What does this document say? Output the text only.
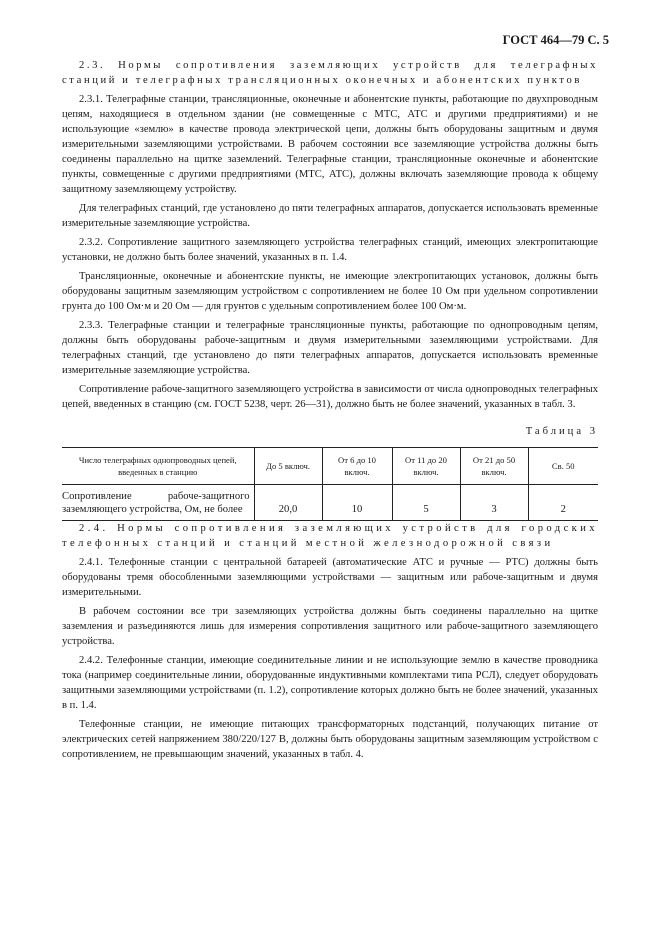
ГОСТ 464—79 С. 5

2.3. Нормы сопротивления заземляющих устройств для телеграфных станций и телеграфных трансляционных оконечных и абонентских пунктов

2.3.1. Телеграфные станции, трансляционные, оконечные и абонентские пункты, работающие по двухпроводным цепям, находящиеся в отдельном здании (не совмещенные с МТС, АТС и другими предприятиями) и не использующие «землю» в качестве провода электрической цепи, должны быть оборудованы защитным и двумя измерительными заземляющими устройствами. В рабочем состоянии все заземляющие устройства должны быть соединены параллельно на щитке заземлений. Телеграфные станции, трансляционные оконечные и абонентские пункты, совмещенные с другими предприятиями (МТС, АТС), должны включать заземляющие провода к общему защитному заземляющему устройству.

Для телеграфных станций, где установлено до пяти телеграфных аппаратов, допускается использовать временные измерительные заземляющие устройства.

2.3.2. Сопротивление защитного заземляющего устройства телеграфных станций, имеющих электропитающие установки, не должно быть более значений, указанных в п. 1.4.

Трансляционные, оконечные и абонентские пункты, не имеющие электропитающих установок, должны быть оборудованы защитным заземляющим устройством с сопротивлением не более 10 Ом при удельном сопротивлении грунта до 100 Ом·м и 20 Ом — для грунтов с удельным сопротивлением более 100 Ом·м.

2.3.3. Телеграфные станции и телеграфные трансляционные пункты, работающие по однопроводным цепям, должны быть оборудованы рабоче-защитным и двумя измерительными заземляющими устройствами. Для телеграфных станций, где установлено до пяти телеграфных аппаратов, допускается использовать временные измерительные заземляющие устройства.

Сопротивление рабоче-защитного заземляющего устройства в зависимости от числа однопроводных телеграфных цепей, введенных в станцию (см. ГОСТ 5238, черт. 26—31), должно быть не более значений, указанных в табл. 3.

Таблица 3
Число телеграфных однопроводных цепей, введенных в станцию	До 5 включ.	От 6 до 10 включ.	От 11 до 20 включ.	От 21 до 50 включ.	Св. 50
Сопротивление рабоче-защитного заземляющего устройства, Ом, не более	20,0	10	5	3	2

2.4. Нормы сопротивления заземляющих устройств для городских телефонных станций и станций местной железнодорожной связи

2.4.1. Телефонные станции с центральной батареей (автоматические АТС и ручные — РТС) должны быть оборудованы тремя обособленными заземляющими устройствами — защитным или рабоче-защитным и двумя измерительными.

В рабочем состоянии все три заземляющих устройства должны быть соединены параллельно на щитке заземления и разъединяются лишь для измерения сопротивления защитного или рабоче-защитного заземляющего устройства.

2.4.2. Телефонные станции, имеющие соединительные линии и не использующие землю в качестве проводника тока (например соединительные линии, оборудованные индуктивными комплектами типа РСЛ), следует оборудовать защитными заземляющими устройствами (п. 1.2), сопротивление которых должно быть не более значений, указанных в п. 1.4.

Телефонные станции, не имеющие питающих трансформаторных подстанций, получающих питание от электрических сетей напряжением 380/220/127 В, должны быть оборудованы защитным заземляющим устройством с сопротивлением, не превышающим значений, указанных в табл. 4.
